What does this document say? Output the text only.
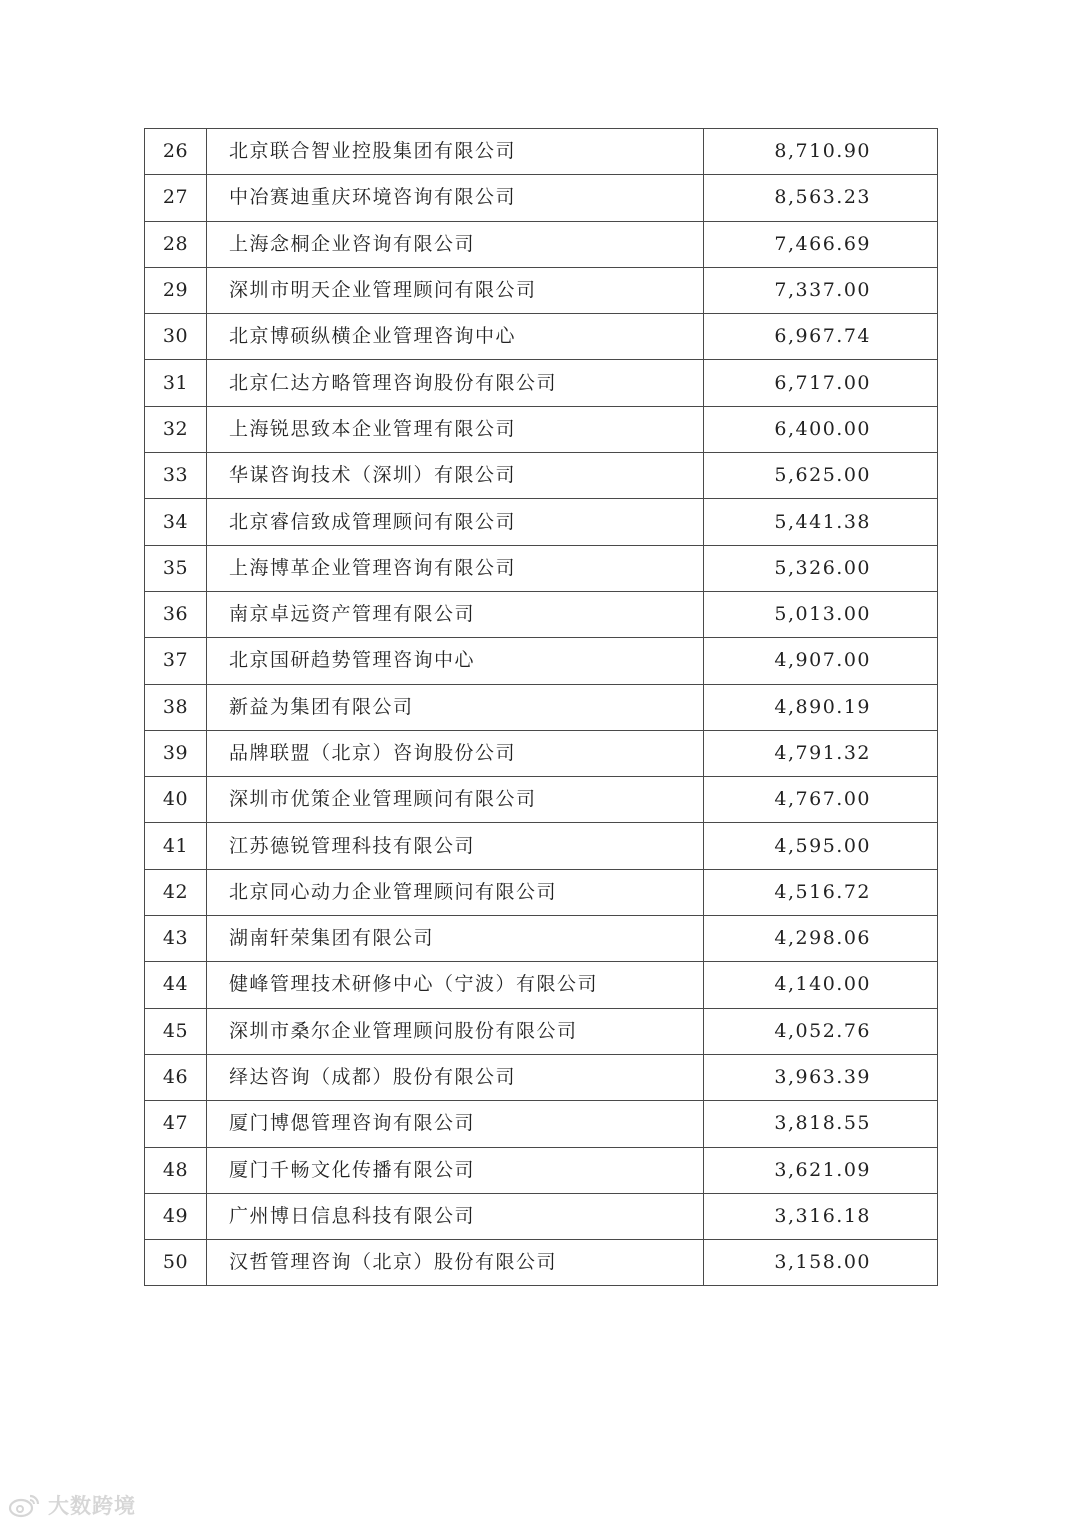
26	北京联合智业控股集团有限公司	8,710.90
27	中冶赛迪重庆环境咨询有限公司	8,563.23
28	上海念桐企业咨询有限公司	7,466.69
29	深圳市明天企业管理顾问有限公司	7,337.00
30	北京博硕纵横企业管理咨询中心	6,967.74
31	北京仁达方略管理咨询股份有限公司	6,717.00
32	上海锐思致本企业管理有限公司	6,400.00
33	华谋咨询技术（深圳）有限公司	5,625.00
34	北京睿信致成管理顾问有限公司	5,441.38
35	上海博革企业管理咨询有限公司	5,326.00
36	南京卓远资产管理有限公司	5,013.00
37	北京国研趋势管理咨询中心	4,907.00
38	新益为集团有限公司	4,890.19
39	品牌联盟（北京）咨询股份公司	4,791.32
40	深圳市优策企业管理顾问有限公司	4,767.00
41	江苏德锐管理科技有限公司	4,595.00
42	北京同心动力企业管理顾问有限公司	4,516.72
43	湖南轩荣集团有限公司	4,298.06
44	健峰管理技术研修中心（宁波）有限公司	4,140.00
45	深圳市桑尔企业管理顾问股份有限公司	4,052.76
46	绎达咨询（成都）股份有限公司	3,963.39
47	厦门博偲管理咨询有限公司	3,818.55
48	厦门千畅文化传播有限公司	3,621.09
49	广州博日信息科技有限公司	3,316.18
50	汉哲管理咨询（北京）股份有限公司	3,158.00
大数跨境
